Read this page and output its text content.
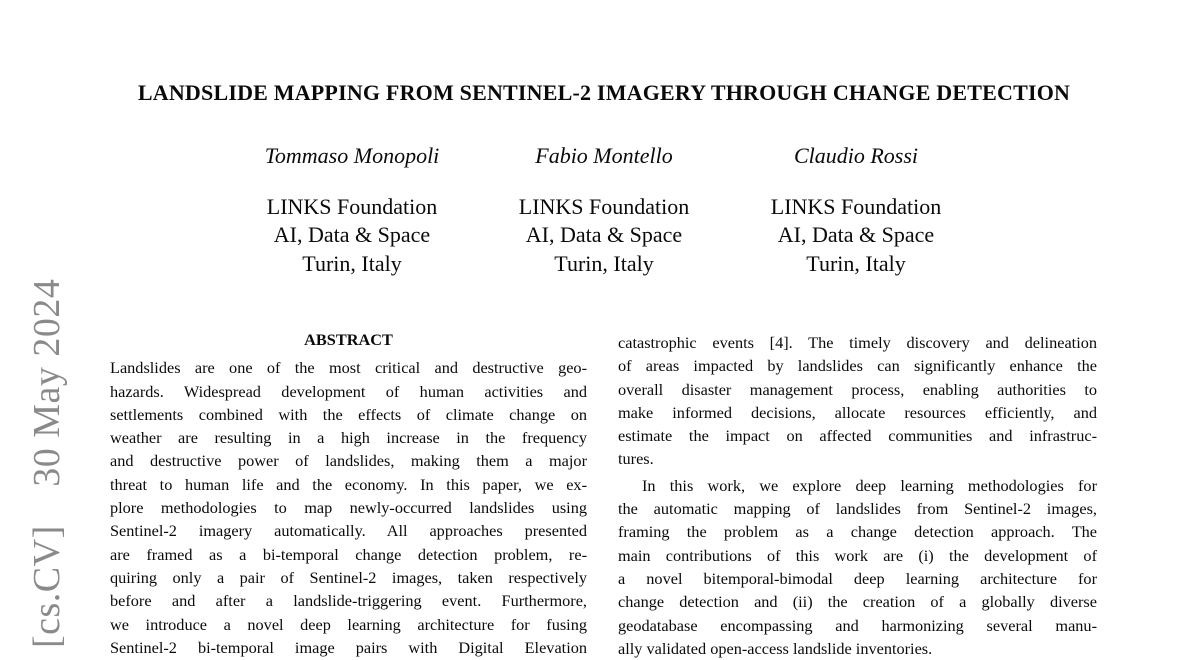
[cs.CV] 30 May 2024
LANDSLIDE MAPPING FROM SENTINEL-2 IMAGERY THROUGH CHANGE DETECTION
Tommaso Monopoli
LINKS Foundation
AI, Data & Space
Turin, Italy
Fabio Montello
LINKS Foundation
AI, Data & Space
Turin, Italy
Claudio Rossi
LINKS Foundation
AI, Data & Space
Turin, Italy
ABSTRACT
Landslides are one of the most critical and destructive geo-
hazards. Widespread development of human activities and
settlements combined with the effects of climate change on
weather are resulting in a high increase in the frequency
and destructive power of landslides, making them a major
threat to human life and the economy. In this paper, we ex-
plore methodologies to map newly-occurred landslides using
Sentinel-2 imagery automatically. All approaches presented
are framed as a bi-temporal change detection problem, re-
quiring only a pair of Sentinel-2 images, taken respectively
before and after a landslide-triggering event. Furthermore,
we introduce a novel deep learning architecture for fusing
Sentinel-2 bi-temporal image pairs with Digital Elevation
catastrophic events [4]. The timely discovery and delineation
of areas impacted by landslides can significantly enhance the
overall disaster management process, enabling authorities to
make informed decisions, allocate resources efficiently, and
estimate the impact on affected communities and infrastruc-
tures.
In this work, we explore deep learning methodologies for
the automatic mapping of landslides from Sentinel-2 images,
framing the problem as a change detection approach. The
main contributions of this work are (i) the development of
a novel bitemporal-bimodal deep learning architecture for
change detection and (ii) the creation of a globally diverse
geodatabase encompassing and harmonizing several manu-
ally validated open-access landslide inventories.
